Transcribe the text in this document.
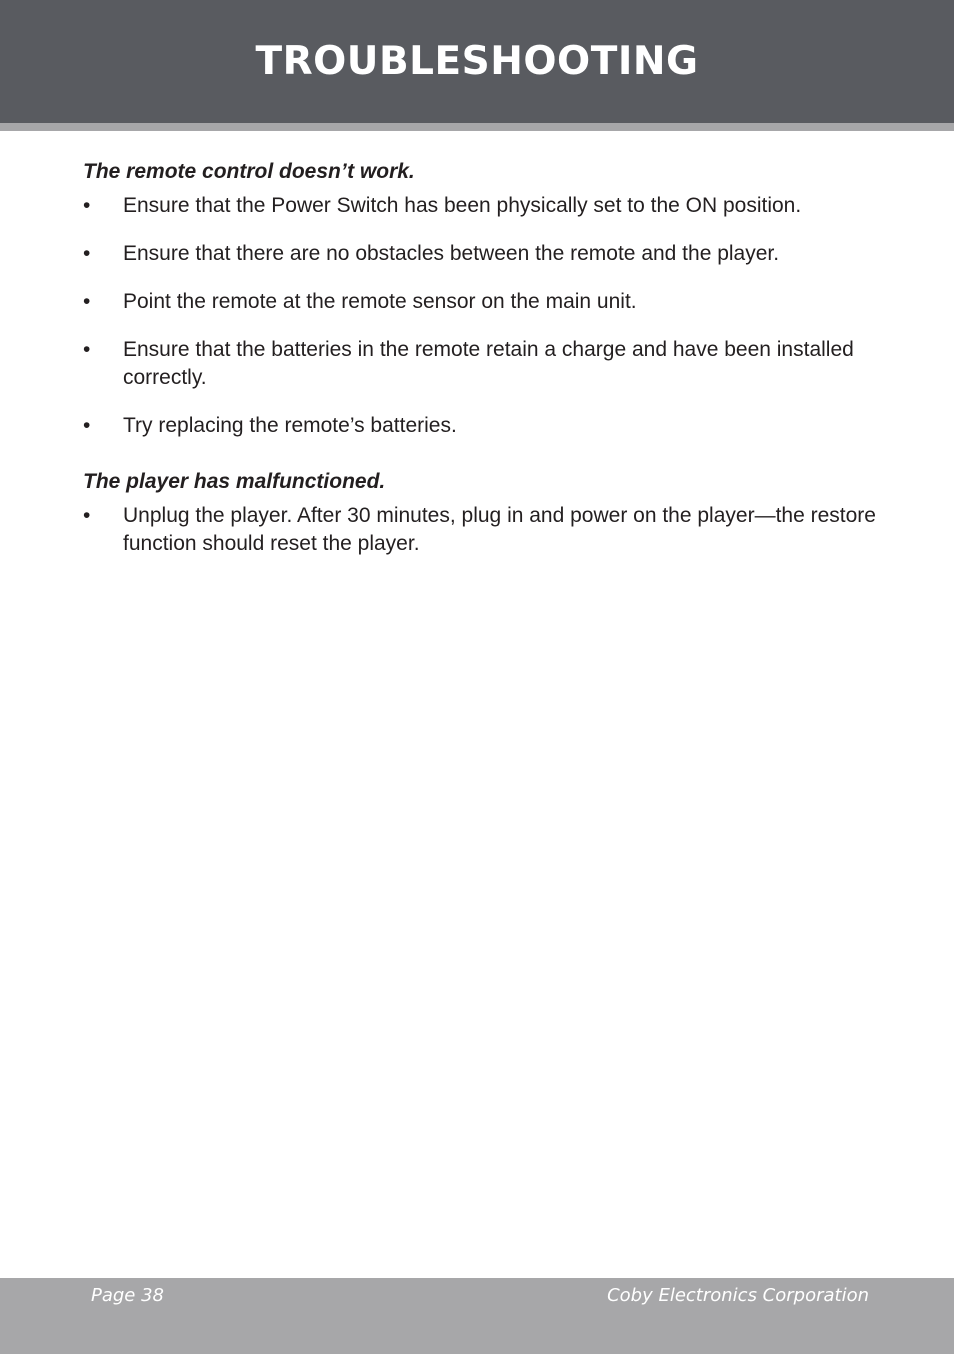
TROUBLESHOOTING
The remote control doesn’t work.
• Ensure that the Power Switch has been physically set to the ON position.
• Ensure that there are no obstacles between the remote and the player.
• Point the remote at the remote sensor on the main unit.
• Ensure that the batteries in the remote retain a charge and have been installed correctly.
• Try replacing the remote’s batteries.
The player has malfunctioned.
• Unplug the player. After 30 minutes, plug in and power on the player—the restore function should reset the player.
Page 38	Coby Electronics Corporation
